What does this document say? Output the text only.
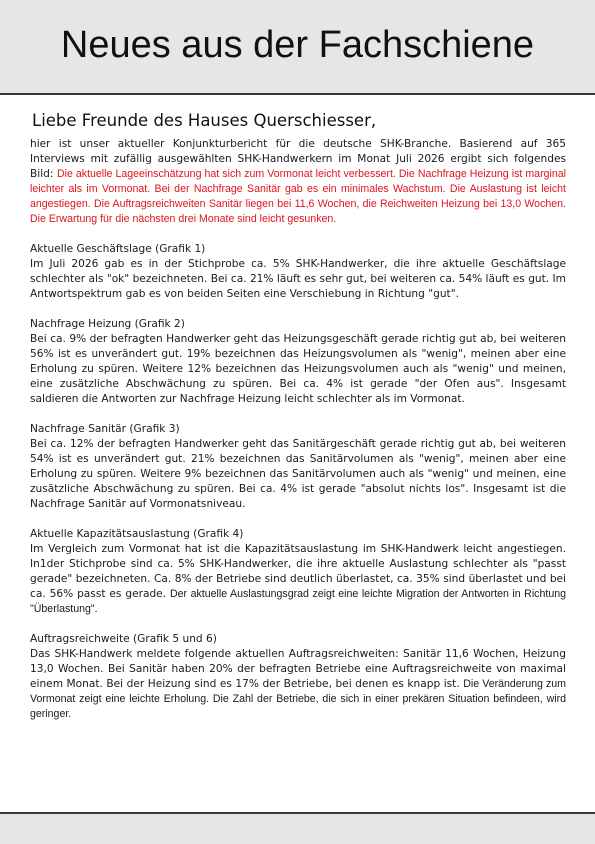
Neues aus der Fachschiene
Liebe Freunde des Hauses Querschiesser,

hier ist unser aktueller Konjunkturbericht für die deutsche SHK-Branche. Basierend auf 365 Interviews mit zufällig ausgewählten SHK-Handwerkern im Monat Juli 2026 ergibt sich folgendes Bild: Die aktuelle Lageeinschätzung hat sich zum Vormonat leicht verbessert. Die Nachfrage Heizung ist marginal leichter als im Vormonat. Bei der Nachfrage Sanitär gab es ein minimales Wachstum. Die Auslastung ist leicht angestiegen. Die Auftragsreichweiten Sanitär liegen bei 11,6 Wochen, die Reichweiten Heizung bei 13,0 Wochen. Die Erwartung für die nächsten drei Monate sind leicht gesunken.

Aktuelle Geschäftslage (Grafik 1)

Im Juli 2026 gab es in der Stichprobe ca. 5% SHK-Handwerker, die ihre aktuelle Geschäftslage schlechter als "ok" bezeichneten. Bei ca. 21% läuft es sehr gut, bei weiteren ca. 54% läuft es gut. Im Antwortspektrum gab es von beiden Seiten eine Verschiebung in Richtung "gut".

Nachfrage Heizung (Grafik 2)

Bei ca. 9% der befragten Handwerker geht das Heizungsgeschäft gerade richtig gut ab, bei weiteren 56% ist es unverändert gut. 19% bezeichnen das Heizungsvolumen als "wenig", meinen aber eine Erholung zu spüren. Weitere 12% bezeichnen das Heizungsvolumen auch als "wenig" und meinen, eine zusätzliche Abschwächung zu spüren. Bei ca. 4% ist gerade "der Ofen aus". Insgesamt saldieren die Antworten zur Nachfrage Heizung leicht schlechter als im Vormonat.

Nachfrage Sanitär (Grafik 3)

Bei ca. 12% der befragten Handwerker geht das Sanitärgeschäft gerade richtig gut ab, bei weiteren 54% ist es unverändert gut. 21% bezeichnen das Sanitärvolumen als "wenig", meinen aber eine Erholung zu spüren. Weitere 9% bezeichnen das Sanitärvolumen auch als "wenig" und meinen, eine zusätzliche Abschwächung zu spüren. Bei ca. 4% ist gerade "absolut nichts los". Insgesamt ist die Nachfrage Sanitär auf Vormonatsniveau.

Aktuelle Kapazitätsauslastung (Grafik 4)

Im Vergleich zum Vormonat hat ist die Kapazitätsauslastung im SHK-Handwerk leicht angestiegen. In1der Stichprobe sind ca. 5% SHK-Handwerker, die ihre aktuelle Auslastung schlechter als "passt gerade" bezeichneten. Ca. 8% der Betriebe sind deutlich überlastet, ca. 35% sind überlastet und bei ca. 56% passt es gerade. Der aktuelle Auslastungsgrad zeigt eine leichte Migration der Antworten in Richtung "Überlastung".

Auftragsreichweite (Grafik 5 und 6)

Das SHK-Handwerk meldete folgende aktuellen Auftragsreichweiten: Sanitär 11,6 Wochen, Heizung 13,0 Wochen. Bei Sanitär haben 20% der befragten Betriebe eine Auftragsreichweite von maximal einem Monat. Bei der Heizung sind es 17% der Betriebe, bei denen es knapp ist. Die Veränderung zum Vormonat zeigt eine leichte Erholung. Die Zahl der Betriebe, die sich in einer prekären Situation befindeen, wird geringer.
